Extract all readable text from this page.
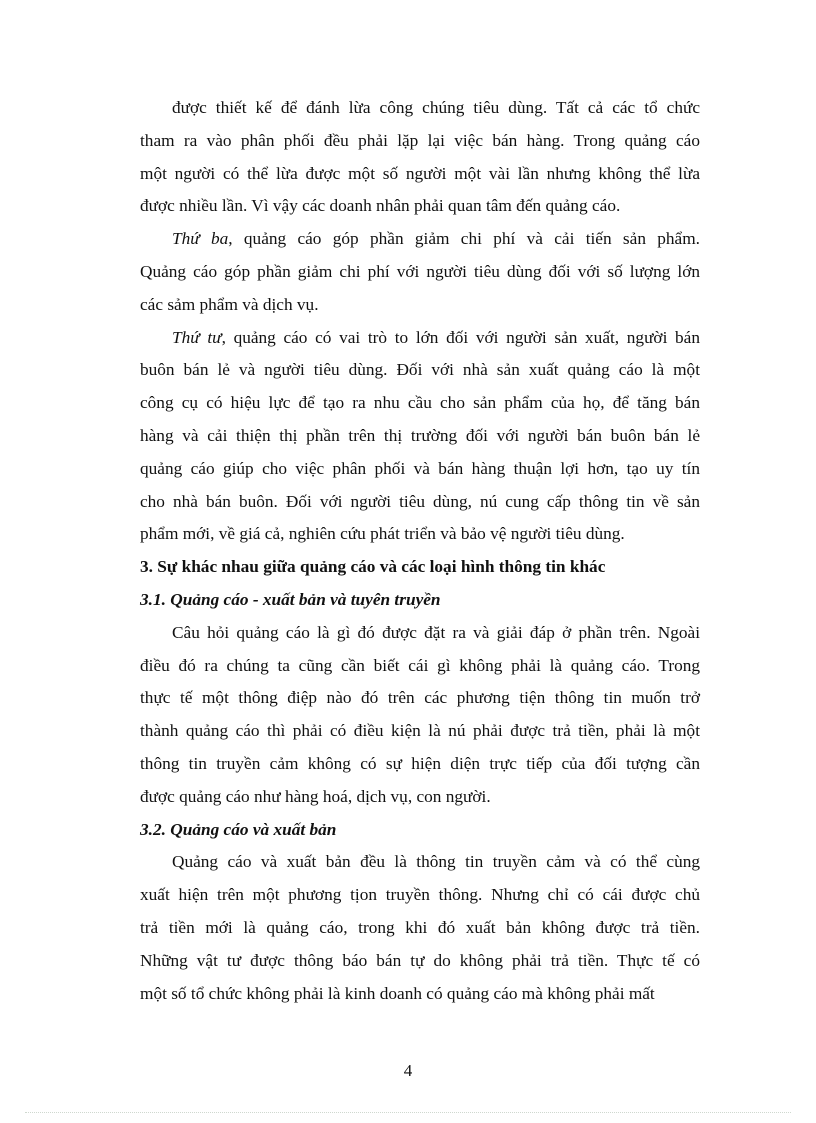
được thiết kế để đánh lừa công chúng tiêu dùng. Tất cả các tổ chức
tham ra vào phân phối đều phải lặp lại việc bán hàng. Trong quảng cáo
một người có thể lừa được một số người một vài lần nhưng không thể lừa
được nhiều lần. Vì vậy các doanh nhân phải quan tâm đến quảng cáo.
Thứ ba, quảng cáo góp phần giảm chi phí và cải tiến sản phẩm.
Quảng cáo góp phần giảm chi phí với người tiêu dùng đối với số lượng lớn
các sảm phẩm và dịch vụ.
Thứ tư, quảng cáo có vai trò to lớn đối với người sản xuất, người bán
buôn bán lẻ và người tiêu dùng. Đối với nhà sản xuất quảng cáo là một
công cụ có hiệu lực để tạo ra nhu cầu cho sản phẩm của họ, để tăng bán
hàng và cải thiện thị phần trên thị trường đối với người bán buôn bán lẻ
quảng cáo giúp cho việc phân phối và bán hàng thuận lợi hơn, tạo uy tín
cho nhà bán buôn. Đối với người tiêu dùng, nú cung cấp thông tin về sản
phẩm mới, về giá cả, nghiên cứu phát triển và bảo vệ người tiêu dùng.
3. Sự khác nhau giữa quảng cáo và các loại hình thông tin khác
3.1. Quảng cáo - xuất bản và tuyên truyền
Câu hỏi quảng cáo là gì đó được đặt ra và giải đáp ở phần trên. Ngoài
điều đó ra chúng ta cũng cần biết cái gì không phải là quảng cáo. Trong
thực tế một thông điệp nào đó trên các phương tiện thông tin muốn trở
thành quảng cáo thì phải có điều kiện là nú phải được trả tiền, phải là một
thông tin truyền cảm không có sự hiện diện trực tiếp của đối tượng cần
được quảng cáo như hàng hoá, dịch vụ, con người.
3.2. Quảng cáo và xuất bản
Quảng cáo và xuất bản đều là thông tin truyền cảm và có thể cùng
xuất hiện trên một phương tịon truyền thông. Nhưng chỉ có cái được chủ
trả tiền mới là quảng cáo, trong khi đó xuất bản không được trả tiền.
Những vật tư được thông báo bán tự do không phải trả tiền. Thực tế có
một số tổ chức không phải là kinh doanh có quảng cáo mà không phải mất
4
